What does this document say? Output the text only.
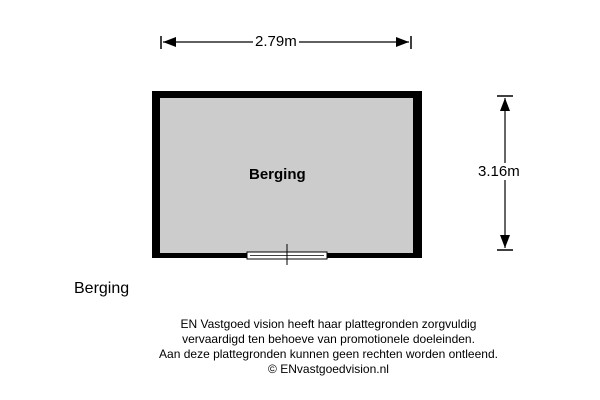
2.79m
3.16m
Berging
Berging
EN Vastgoed vision heeft haar plattegronden zorgvuldig
vervaardigd ten behoeve van promotionele doeleinden.
Aan deze plattegronden kunnen geen rechten worden ontleend.
© ENvastgoedvision.nl
